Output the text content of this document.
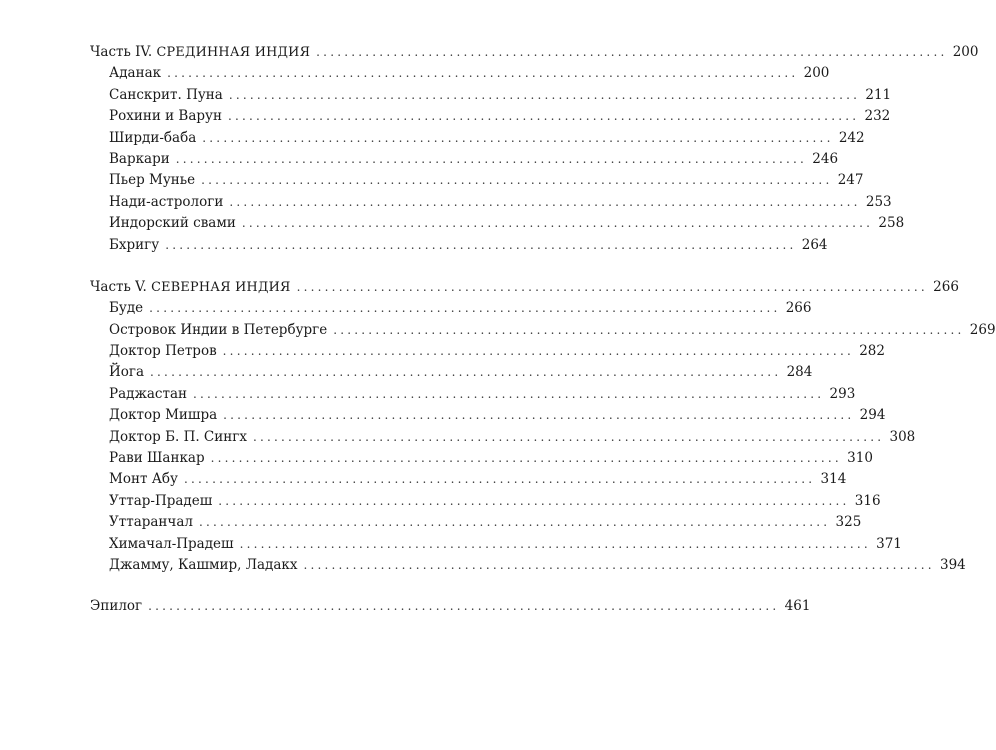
Часть IV. СРЕДИННАЯ ИНДИЯ .......................................................................................... 200
Аданак .......................................................................................... 200
Санскрит. Пуна .......................................................................................... 211
Рохини и Варун .......................................................................................... 232
Ширди-баба .......................................................................................... 242
Варкари .......................................................................................... 246
Пьер Мунье .......................................................................................... 247
Нади-астрологи .......................................................................................... 253
Индорский свами .......................................................................................... 258
Бхригу .......................................................................................... 264
Часть V. СЕВЕРНАЯ ИНДИЯ .......................................................................................... 266
Буде .......................................................................................... 266
Островок Индии в Петербурге .......................................................................................... 269
Доктор Петров .......................................................................................... 282
Йога .......................................................................................... 284
Раджастан .......................................................................................... 293
Доктор Мишра .......................................................................................... 294
Доктор Б. П. Сингх .......................................................................................... 308
Рави Шанкар .......................................................................................... 310
Монт Абу .......................................................................................... 314
Уттар-Прадеш .......................................................................................... 316
Уттаранчал .......................................................................................... 325
Химачал-Прадеш .......................................................................................... 371
Джамму, Кашмир, Ладакх .......................................................................................... 394
Эпилог .......................................................................................... 461
